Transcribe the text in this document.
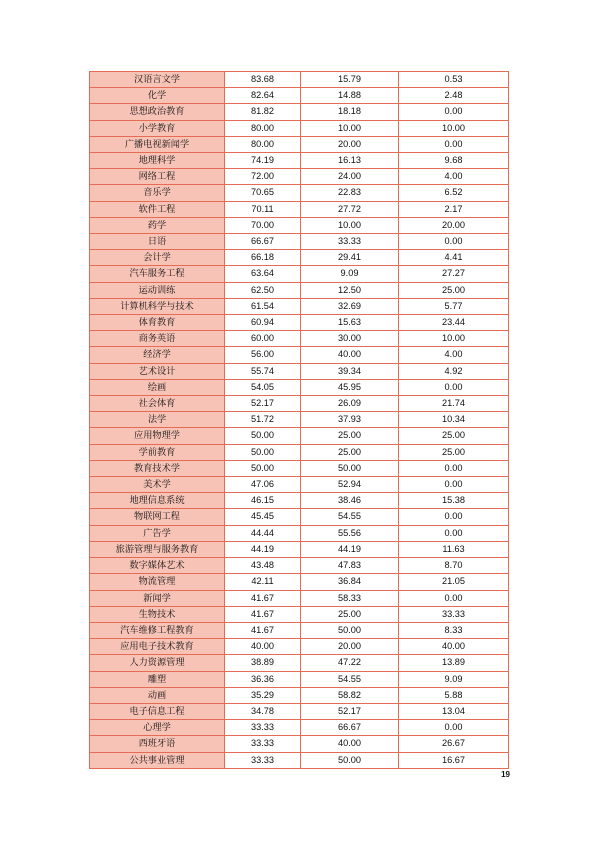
汉语言文学	83.68	15.79	0.53
化学	82.64	14.88	2.48
思想政治教育	81.82	18.18	0.00
小学教育	80.00	10.00	10.00
广播电视新闻学	80.00	20.00	0.00
地理科学	74.19	16.13	9.68
网络工程	72.00	24.00	4.00
音乐学	70.65	22.83	6.52
软件工程	70.11	27.72	2.17
药学	70.00	10.00	20.00
日语	66.67	33.33	0.00
会计学	66.18	29.41	4.41
汽车服务工程	63.64	9.09	27.27
运动训练	62.50	12.50	25.00
计算机科学与技术	61.54	32.69	5.77
体育教育	60.94	15.63	23.44
商务英语	60.00	30.00	10.00
经济学	56.00	40.00	4.00
艺术设计	55.74	39.34	4.92
绘画	54.05	45.95	0.00
社会体育	52.17	26.09	21.74
法学	51.72	37.93	10.34
应用物理学	50.00	25.00	25.00
学前教育	50.00	25.00	25.00
教育技术学	50.00	50.00	0.00
美术学	47.06	52.94	0.00
地理信息系统	46.15	38.46	15.38
物联网工程	45.45	54.55	0.00
广告学	44.44	55.56	0.00
旅游管理与服务教育	44.19	44.19	11.63
数字媒体艺术	43.48	47.83	8.70
物流管理	42.11	36.84	21.05
新闻学	41.67	58.33	0.00
生物技术	41.67	25.00	33.33
汽车维修工程教育	41.67	50.00	8.33
应用电子技术教育	40.00	20.00	40.00
人力资源管理	38.89	47.22	13.89
雕塑	36.36	54.55	9.09
动画	35.29	58.82	5.88
电子信息工程	34.78	52.17	13.04
心理学	33.33	66.67	0.00
西班牙语	33.33	40.00	26.67
公共事业管理	33.33	50.00	16.67
19
